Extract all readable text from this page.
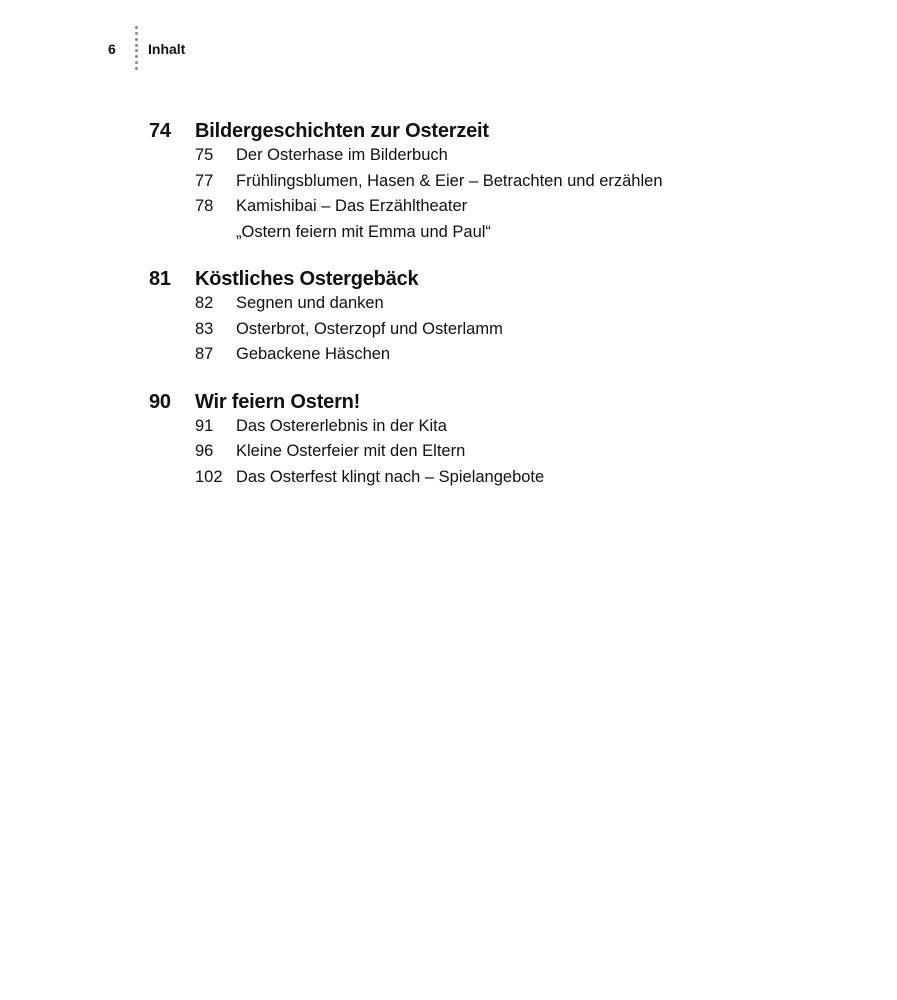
6	Inhalt
74	Bildergeschichten zur Osterzeit
75	Der Osterhase im Bilderbuch
77	Frühlingsblumen, Hasen & Eier – Betrachten und erzählen
78	Kamishibai – Das Erzähltheater
„Ostern feiern mit Emma und Paul“
81	Köstliches Ostergebäck
82	Segnen und danken
83	Osterbrot, Osterzopf und Osterlamm
87	Gebackene Häschen
90	Wir feiern Ostern!
91	Das Ostererlebnis in der Kita
96	Kleine Osterfeier mit den Eltern
102 Das Osterfest klingt nach – Spielangebote
